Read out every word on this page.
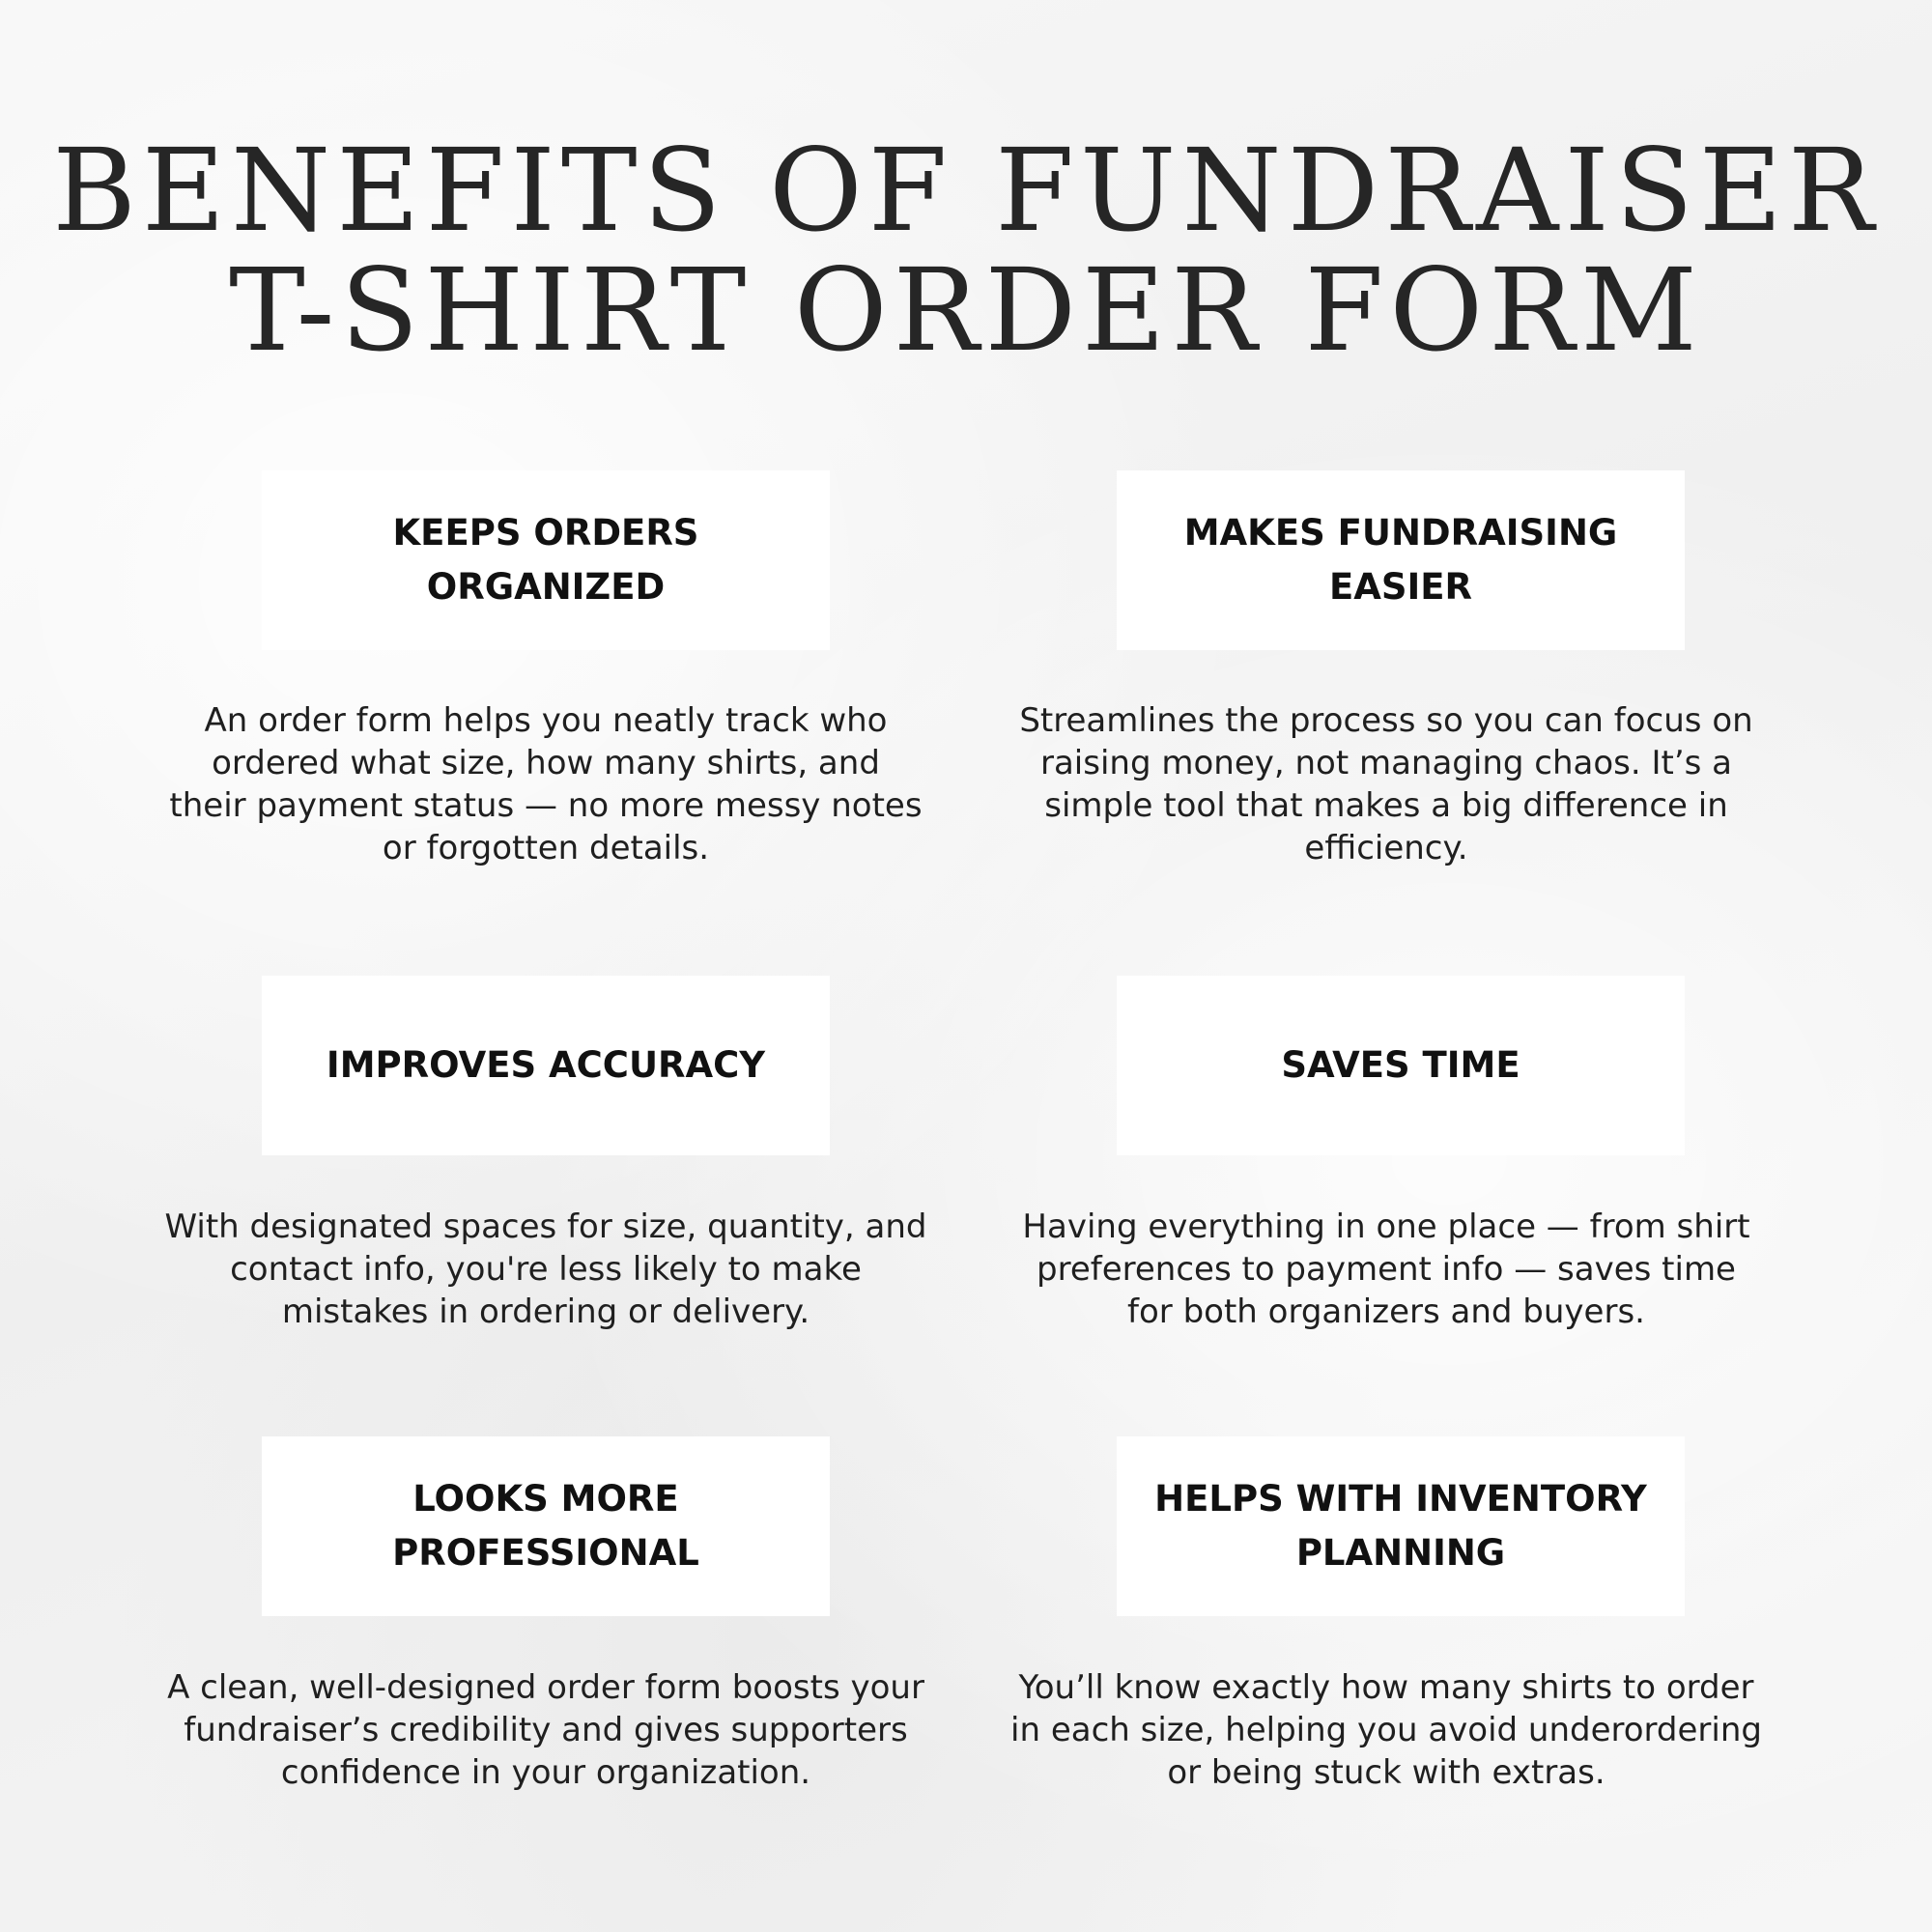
BENEFITS OF FUNDRAISER
T-SHIRT ORDER FORM
KEEPS ORDERS ORGANIZED

An order form helps you neatly track who ordered what size, how many shirts, and their payment status — no more messy notes or forgotten details.

MAKES FUNDRAISING EASIER

Streamlines the process so you can focus on raising money, not managing chaos. It’s a simple tool that makes a big difference in efficiency.

IMPROVES ACCURACY

With designated spaces for size, quantity, and contact info, you're less likely to make mistakes in ordering or delivery.

SAVES TIME

Having everything in one place — from shirt preferences to payment info — saves time for both organizers and buyers.

LOOKS MORE PROFESSIONAL

A clean, well-designed order form boosts your fundraiser’s credibility and gives supporters confidence in your organization.

HELPS WITH INVENTORY PLANNING

You’ll know exactly how many shirts to order in each size, helping you avoid underordering or being stuck with extras.
